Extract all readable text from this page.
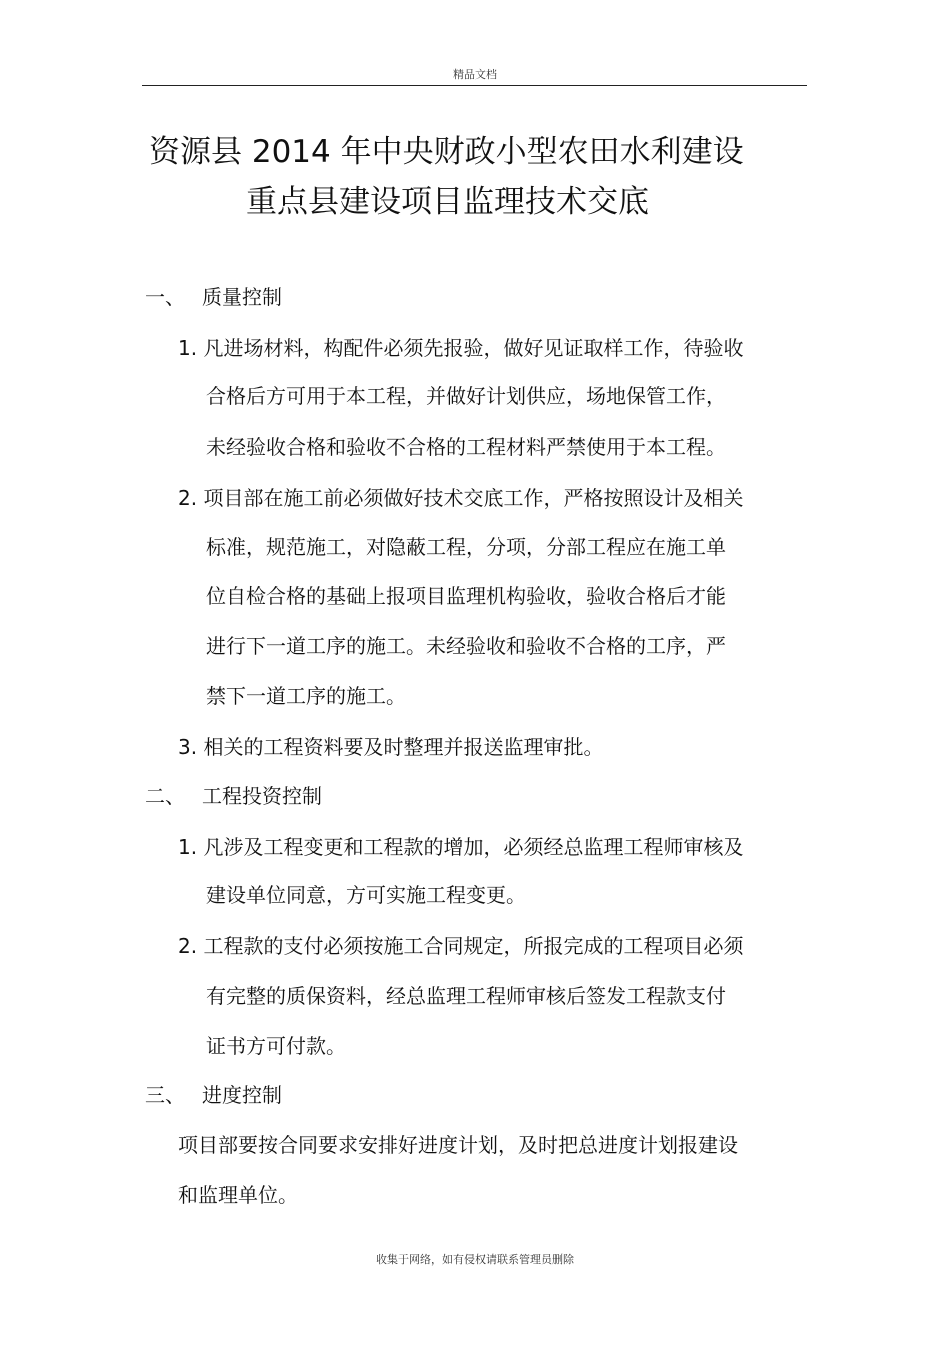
精品文档
资源县 2014 年中央财政小型农田水利建设
重点县建设项目监理技术交底
一、 质量控制
1. 凡进场材料，构配件必须先报验，做好见证取样工作，待验收
合格后方可用于本工程，并做好计划供应，场地保管工作，
未经验收合格和验收不合格的工程材料严禁使用于本工程。
2. 项目部在施工前必须做好技术交底工作，严格按照设计及相关
标准，规范施工，对隐蔽工程，分项，分部工程应在施工单
位自检合格的基础上报项目监理机构验收，验收合格后才能
进行下一道工序的施工。未经验收和验收不合格的工序，严
禁下一道工序的施工。
3. 相关的工程资料要及时整理并报送监理审批。
二、 工程投资控制
1. 凡涉及工程变更和工程款的增加，必须经总监理工程师审核及
建设单位同意，方可实施工程变更。
2. 工程款的支付必须按施工合同规定，所报完成的工程项目必须
有完整的质保资料，经总监理工程师审核后签发工程款支付
证书方可付款。
三、 进度控制
项目部要按合同要求安排好进度计划，及时把总进度计划报建设
和监理单位。
收集于网络，如有侵权请联系管理员删除
